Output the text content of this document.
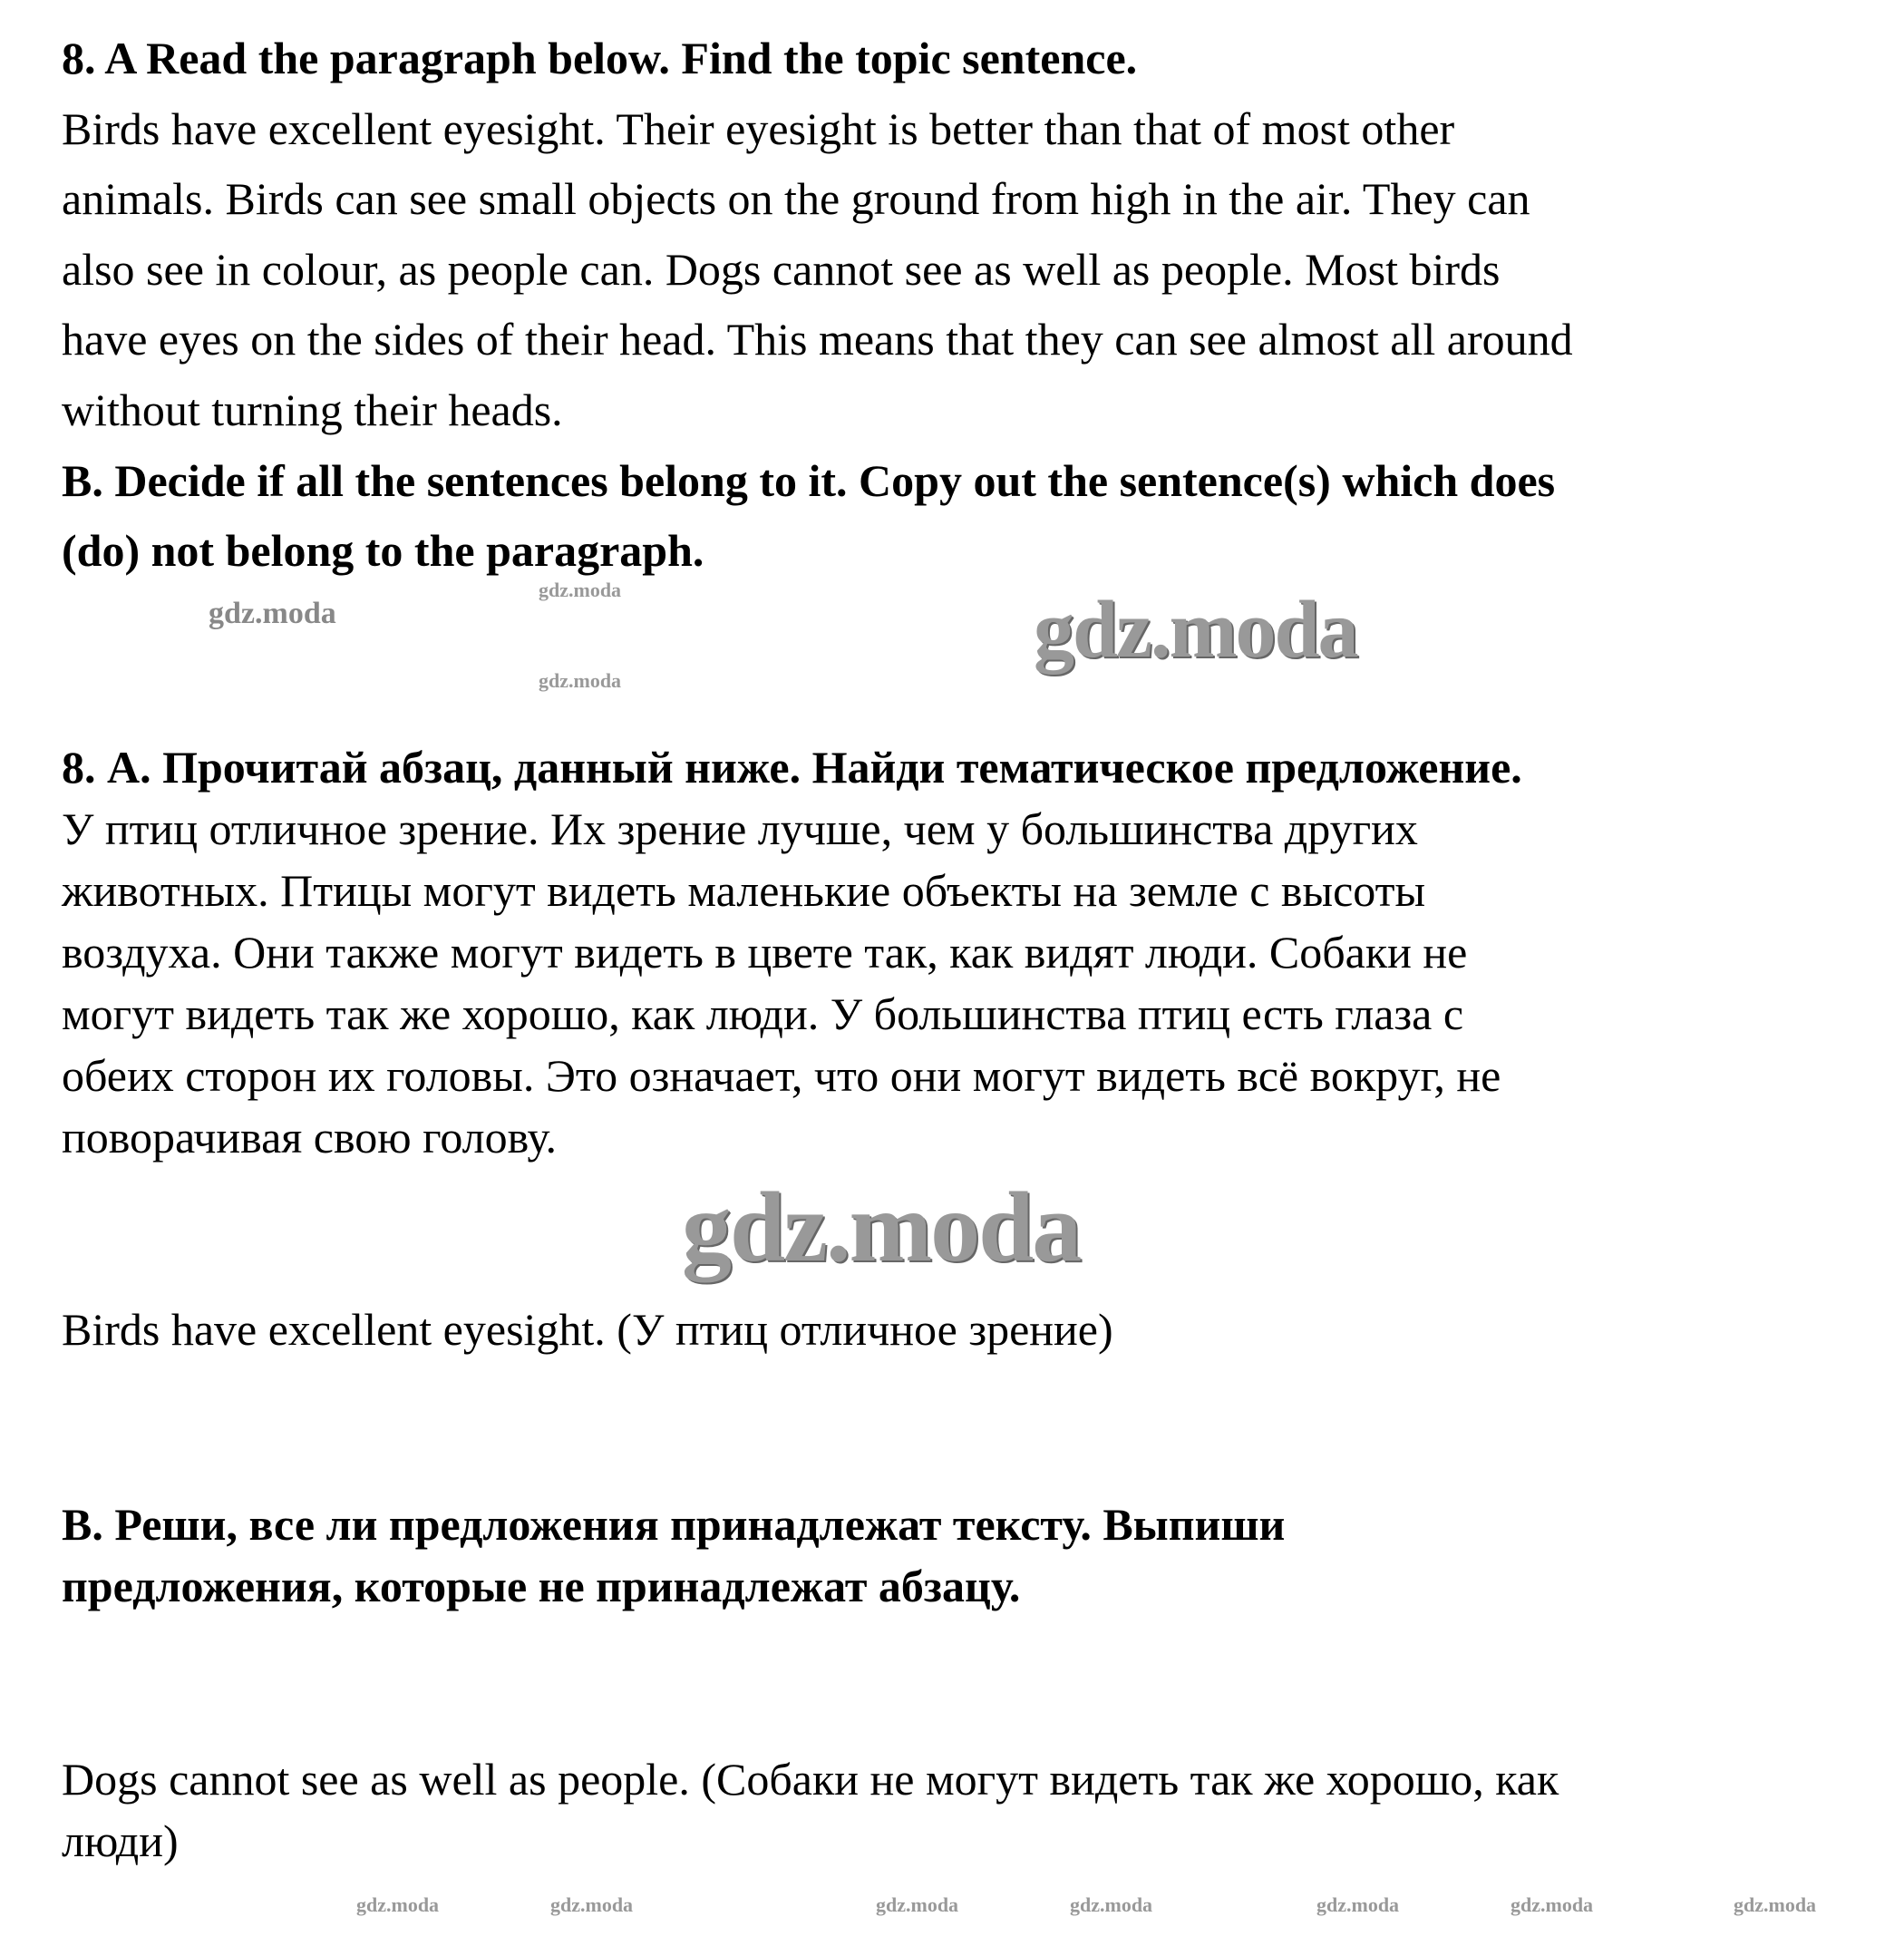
8. A Read the paragraph below. Find the topic sentence.
Birds have excellent eyesight. Their eyesight is better than that of most other
animals. Birds can see small objects on the ground from high in the air. They can
also see in colour, as people can. Dogs cannot see as well as people. Most birds
have eyes on the sides of their head. This means that they can see almost all around
without turning their heads.
B. Decide if all the sentences belong to it. Copy out the sentence(s) which does
(do) not belong to the paragraph.
8. А. Прочитай абзац, данный ниже. Найди тематическое предложение.
У птиц отличное зрение. Их зрение лучше, чем у большинства других
животных. Птицы могут видеть маленькие объекты на земле с высоты
воздуха. Они также могут видеть в цвете так, как видят люди. Собаки не
могут видеть так же хорошо, как люди. У большинства птиц есть глаза с
обеих сторон их головы. Это означает, что они могут видеть всё вокруг, не
поворачивая свою голову.
Birds have excellent eyesight. (У птиц отличное зрение)
В. Реши, все ли предложения принадлежат тексту. Выпиши
предложения, которые не принадлежат абзацу.
Dogs cannot see as well as people. (Собаки не могут видеть так же хорошо, как
люди)
gdz.moda
gdz.moda
gdz.moda
gdz.moda
gdz.moda
gdz.moda	gdz.moda	gdz.moda	gdz.moda	gdz.moda	gdz.moda	gdz.moda
